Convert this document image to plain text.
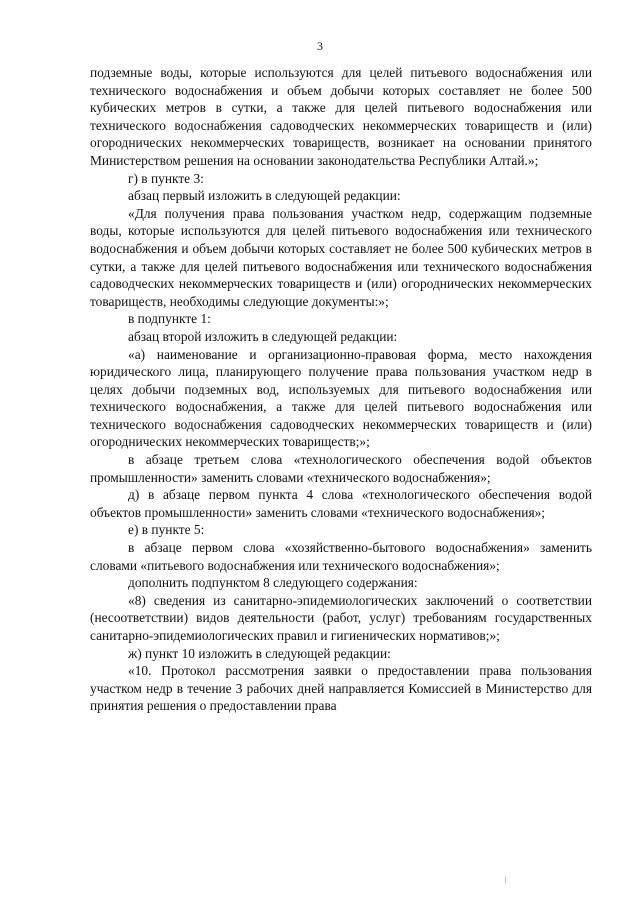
3

подземные воды, которые используются для целей питьевого водоснабжения или технического водоснабжения и объем добычи которых составляет не более 500 кубических метров в сутки, а также для целей питьевого водоснабжения или технического водоснабжения садоводческих некоммерческих товариществ и (или) огороднических некоммерческих товариществ, возникает на основании принятого Министерством решения на основании законодательства Республики Алтай.»;

г) в пункте 3:

абзац первый изложить в следующей редакции:

«Для получения права пользования участком недр, содержащим подземные воды, которые используются для целей питьевого водоснабжения или технического водоснабжения и объем добычи которых составляет не более 500 кубических метров в сутки, а также для целей питьевого водоснабжения или технического водоснабжения садоводческих некоммерческих товариществ и (или) огороднических некоммерческих товариществ, необходимы следующие документы:»;

в подпункте 1:

абзац второй изложить в следующей редакции:

«а) наименование и организационно-правовая форма, место нахождения юридического лица, планирующего получение права пользования участком недр в целях добычи подземных вод, используемых для питьевого водоснабжения или технического водоснабжения, а также для целей питьевого водоснабжения или технического водоснабжения садоводческих некоммерческих товариществ и (или) огороднических некоммерческих товариществ;»;

в абзаце третьем слова «технологического обеспечения водой объектов промышленности» заменить словами «технического водоснабжения»;

д) в абзаце первом пункта 4 слова «технологического обеспечения водой объектов промышленности» заменить словами «технического водоснабжения»;

е) в пункте 5:

в абзаце первом слова «хозяйственно-бытового водоснабжения» заменить словами «питьевого водоснабжения или технического водоснабжения»;

дополнить подпунктом 8 следующего содержания:

«8) сведения из санитарно-эпидемиологических заключений о соответствии (несоответствии) видов деятельности (работ, услуг) требованиям государственных санитарно-эпидемиологических правил и гигиенических нормативов;»;

ж) пункт 10 изложить в следующей редакции:

«10. Протокол рассмотрения заявки о предоставлении права пользования участком недр в течение 3 рабочих дней направляется Комиссией в Министерство для принятия решения о предоставлении права
